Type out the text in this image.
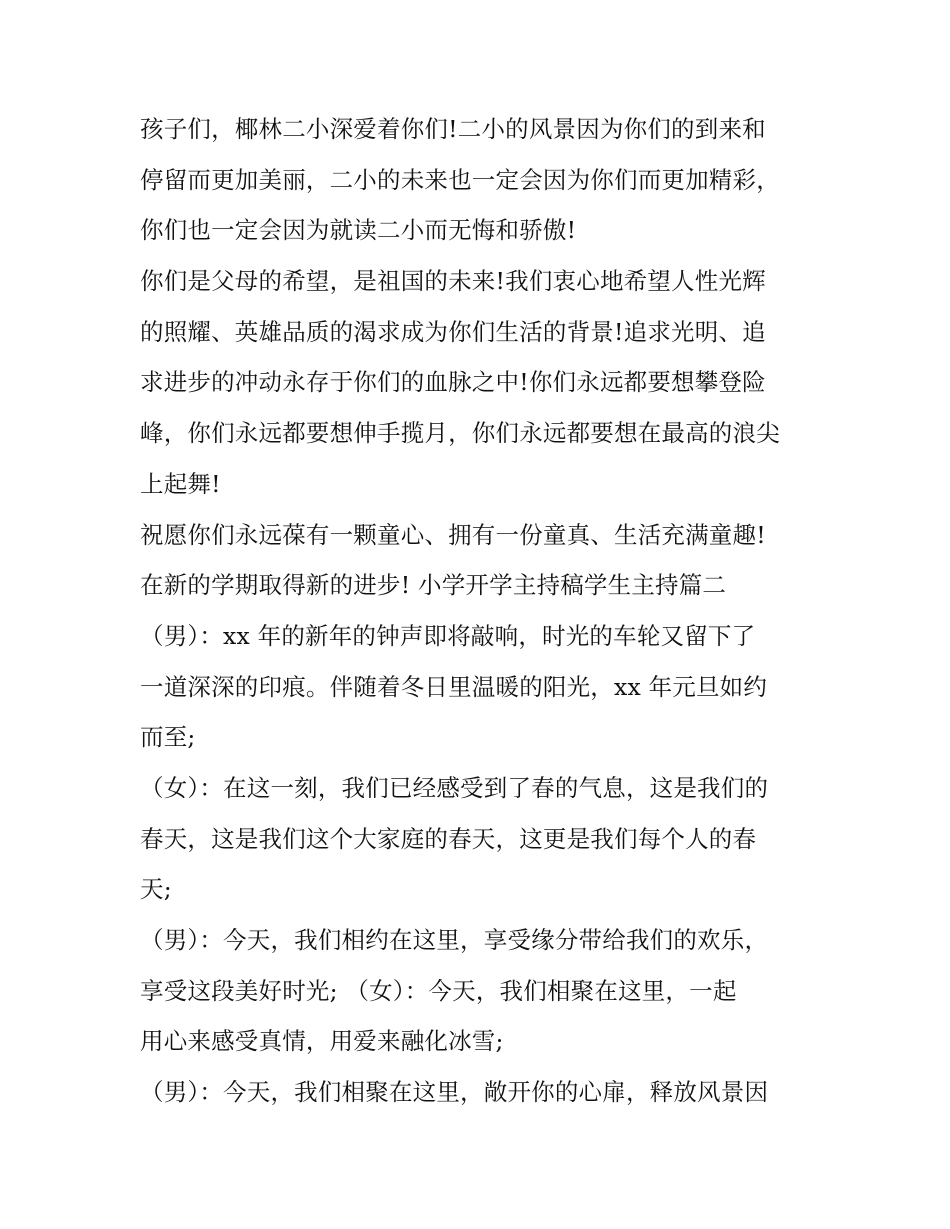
孩子们，椰林二小深爱着你们!二小的风景因为你们的到来和
停留而更加美丽，二小的未来也一定会因为你们而更加精彩，
你们也一定会因为就读二小而无悔和骄傲!
你们是父母的希望，是祖国的未来!我们衷心地希望人性光辉
的照耀、英雄品质的渴求成为你们生活的背景!追求光明、追
求进步的冲动永存于你们的血脉之中!你们永远都要想攀登险
峰，你们永远都要想伸手揽月，你们永远都要想在最高的浪尖
上起舞!
祝愿你们永远葆有一颗童心、拥有一份童真、生活充满童趣!
在新的学期取得新的进步! 小学开学主持稿学生主持篇二
（男）：xx 年的新年的钟声即将敲响，时光的车轮又留下了
一道深深的印痕。伴随着冬日里温暖的阳光，xx 年元旦如约
而至;
（女）：在这一刻，我们已经感受到了春的气息，这是我们的
春天，这是我们这个大家庭的春天，这更是我们每个人的春
天;
（男）：今天，我们相约在这里，享受缘分带给我们的欢乐，
享受这段美好时光; （女）：今天，我们相聚在这里，一起
用心来感受真情，用爱来融化冰雪;
（男）：今天，我们相聚在这里，敞开你的心扉，释放风景因
